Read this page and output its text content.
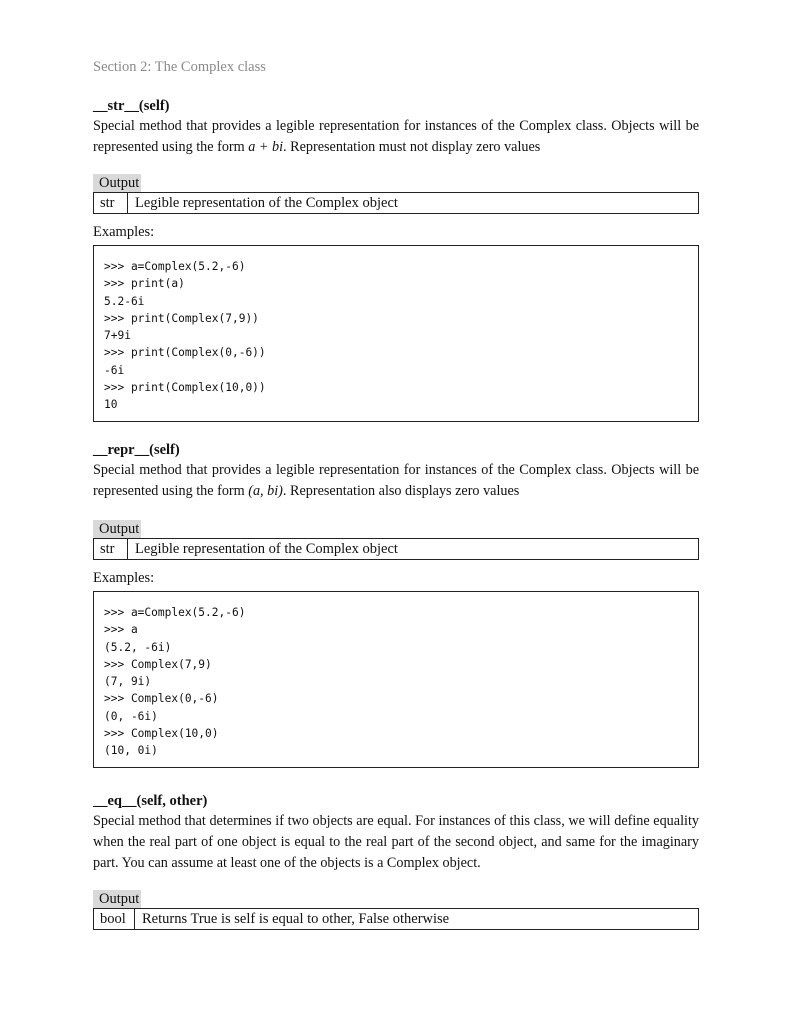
Section 2: The Complex class
__str__(self)
Special method that provides a legible representation for instances of the Complex class. Objects will be represented using the form a + bi. Representation must not display zero values
Output
str	Legible representation of the Complex object
Examples:
>>> a=Complex(5.2,-6)
>>> print(a)
5.2-6i
>>> print(Complex(7,9))
7+9i
>>> print(Complex(0,-6))
-6i
>>> print(Complex(10,0))
10
__repr__(self)
Special method that provides a legible representation for instances of the Complex class. Objects will be represented using the form (a, bi). Representation also displays zero values
Output
str	Legible representation of the Complex object
Examples:
>>> a=Complex(5.2,-6)
>>> a
(5.2, -6i)
>>> Complex(7,9)
(7, 9i)
>>> Complex(0,-6)
(0, -6i)
>>> Complex(10,0)
(10, 0i)
__eq__(self, other)
Special method that determines if two objects are equal. For instances of this class, we will define equality when the real part of one object is equal to the real part of the second object, and same for the imaginary part. You can assume at least one of the objects is a Complex object.
Output
bool	Returns True is self is equal to other, False otherwise
